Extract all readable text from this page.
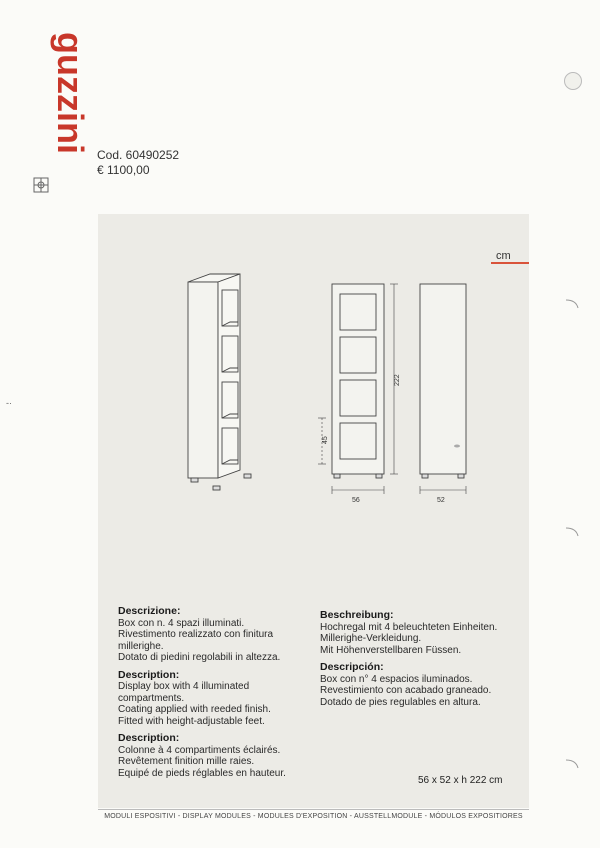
guzzini
‑·
Cod. 60490252
€ 1100,00
cm
222
45
56	52
Descrizione:

Box con n. 4 spazi illuminati.

Rivestimento realizzato con finitura

millerighe.

Dotato di piedini regolabili in altezza.

Description:

Display box with 4 illuminated

compartments.

Coating applied with reeded finish.

Fitted with height-adjustable feet.

Description:

Colonne à 4 compartiments éclairés.

Revêtement finition mille raies.

Equipé de pieds réglables en hauteur.

Beschreibung:

Hochregal mit 4 beleuchteten Einheiten.

Millerighe-Verkleidung.

Mit Höhenverstellbaren Füssen.

Descripción:

Box con n° 4 espacios iluminados.

Revestimiento con acabado graneado.

Dotado de pies regulables en altura.

56 x 52 x h 222 cm
MODULI ESPOSITIVI - DISPLAY MODULES - MODULES D'EXPOSITION - AUSSTELLMODULE - MÓDULOS EXPOSITIORES
